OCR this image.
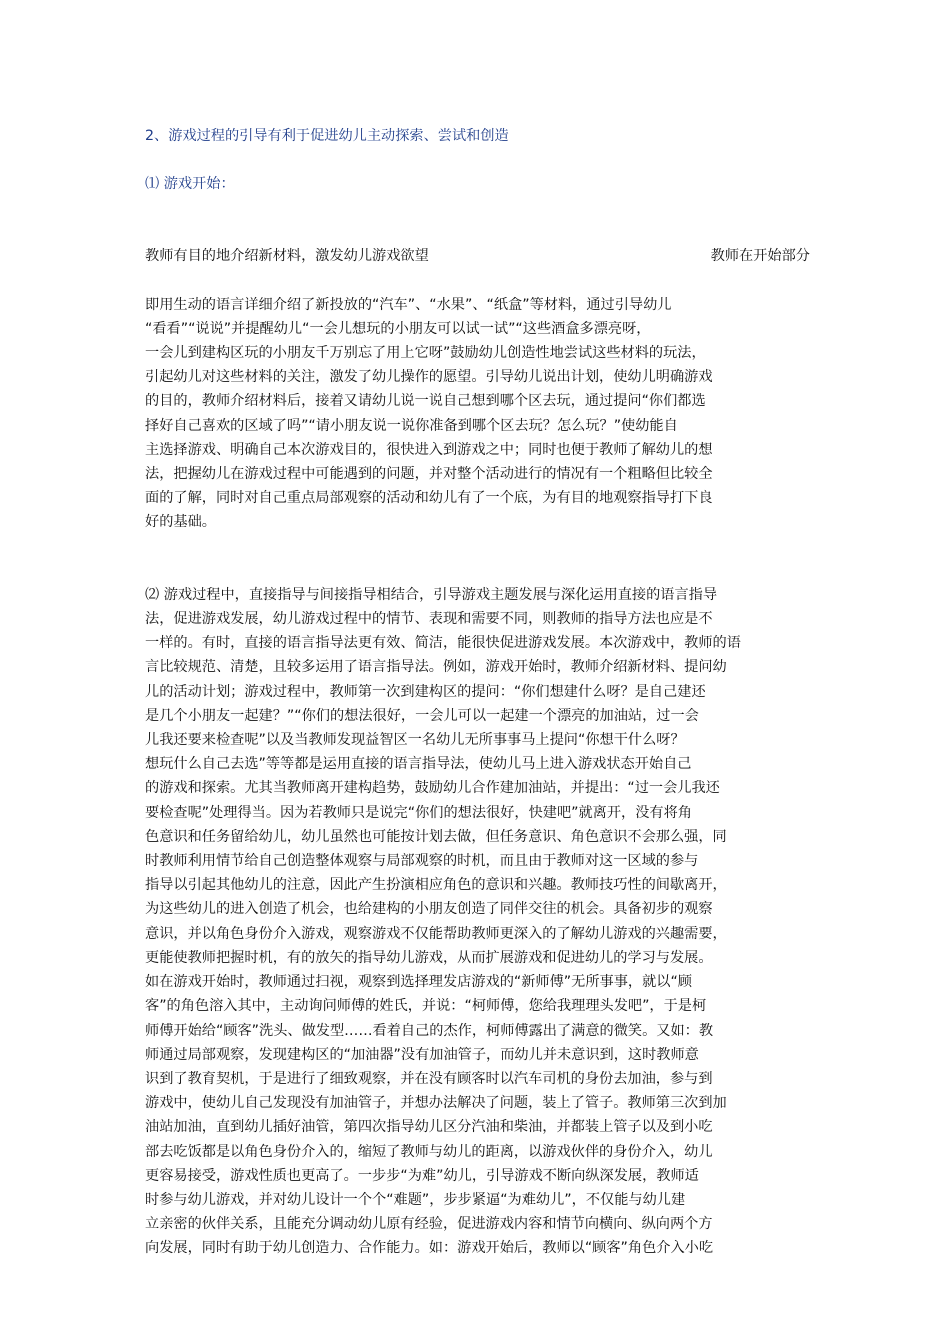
2、游戏过程的引导有利于促进幼儿主动探索、尝试和创造
⑴ 游戏开始：

教师有目的地介绍新材料，激发幼儿游戏欲望	教师在开始部分

即用生动的语言详细介绍了新投放的“汽车”、“水果”、“纸盒”等材料，通过引导幼儿
“看看”“说说”并提醒幼儿“一会儿想玩的小朋友可以试一试”“这些酒盒多漂亮呀，
一会儿到建构区玩的小朋友千万别忘了用上它呀”鼓励幼儿创造性地尝试这些材料的玩法，
引起幼儿对这些材料的关注，激发了幼儿操作的愿望。引导幼儿说出计划，使幼儿明确游戏
的目的，教师介绍材料后，接着又请幼儿说一说自己想到哪个区去玩，通过提问“你们都选
择好自己喜欢的区域了吗”“请小朋友说一说你准备到哪个区去玩？怎么玩？”使幼能自
主选择游戏、明确自己本次游戏目的，很快进入到游戏之中；同时也便于教师了解幼儿的想
法，把握幼儿在游戏过程中可能遇到的问题，并对整个活动进行的情况有一个粗略但比较全
面的了解，同时对自己重点局部观察的活动和幼儿有了一个底，为有目的地观察指导打下良
好的基础。

⑵ 游戏过程中，直接指导与间接指导相结合，引导游戏主题发展与深化运用直接的语言指导
法，促进游戏发展，幼儿游戏过程中的情节、表现和需要不同，则教师的指导方法也应是不
一样的。有时，直接的语言指导法更有效、简洁，能很快促进游戏发展。本次游戏中，教师的语
言比较规范、清楚，且较多运用了语言指导法。例如，游戏开始时，教师介绍新材料、提问幼
儿的活动计划；游戏过程中，教师第一次到建构区的提问：“你们想建什么呀？是自己建还
是几个小朋友一起建？”“你们的想法很好，一会儿可以一起建一个漂亮的加油站，过一会
儿我还要来检查呢”以及当教师发现益智区一名幼儿无所事事马上提问“你想干什么呀？
想玩什么自己去选”等等都是运用直接的语言指导法，使幼儿马上进入游戏状态开始自己
的游戏和探索。尤其当教师离开建构趋势，鼓励幼儿合作建加油站，并提出：“过一会儿我还
要检查呢”处理得当。因为若教师只是说完“你们的想法很好，快建吧”就离开，没有将角
色意识和任务留给幼儿，幼儿虽然也可能按计划去做，但任务意识、角色意识不会那么强，同
时教师利用情节给自己创造整体观察与局部观察的时机，而且由于教师对这一区域的参与
指导以引起其他幼儿的注意，因此产生扮演相应角色的意识和兴趣。教师技巧性的间歇离开，
为这些幼儿的进入创造了机会，也给建构的小朋友创造了同伴交往的机会。具备初步的观察
意识，并以角色身份介入游戏，观察游戏不仅能帮助教师更深入的了解幼儿游戏的兴趣需要，
更能使教师把握时机，有的放矢的指导幼儿游戏，从而扩展游戏和促进幼儿的学习与发展。
如在游戏开始时，教师通过扫视，观察到选择理发店游戏的“新师傅”无所事事，就以“顾
客”的角色溶入其中，主动询问师傅的姓氏，并说：“柯师傅，您给我理理头发吧”，于是柯
师傅开始给“顾客”洗头、做发型……看着自己的杰作，柯师傅露出了满意的微笑。又如：教
师通过局部观察，发现建构区的“加油器”没有加油管子，而幼儿并未意识到，这时教师意
识到了教育契机，于是进行了细致观察，并在没有顾客时以汽车司机的身份去加油，参与到
游戏中，使幼儿自己发现没有加油管子，并想办法解决了问题，装上了管子。教师第三次到加
油站加油，直到幼儿插好油管，第四次指导幼儿区分汽油和柴油，并都装上管子以及到小吃
部去吃饭都是以角色身份介入的，缩短了教师与幼儿的距离，以游戏伙伴的身份介入，幼儿
更容易接受，游戏性质也更高了。一步步“为难”幼儿，引导游戏不断向纵深发展，教师适
时参与幼儿游戏，并对幼儿设计一个个“难题”，步步紧逼“为难幼儿”，不仅能与幼儿建
立亲密的伙伴关系，且能充分调动幼儿原有经验，促进游戏内容和情节向横向、纵向两个方
向发展，同时有助于幼儿创造力、合作能力。如：游戏开始后，教师以“顾客”角色介入小吃
